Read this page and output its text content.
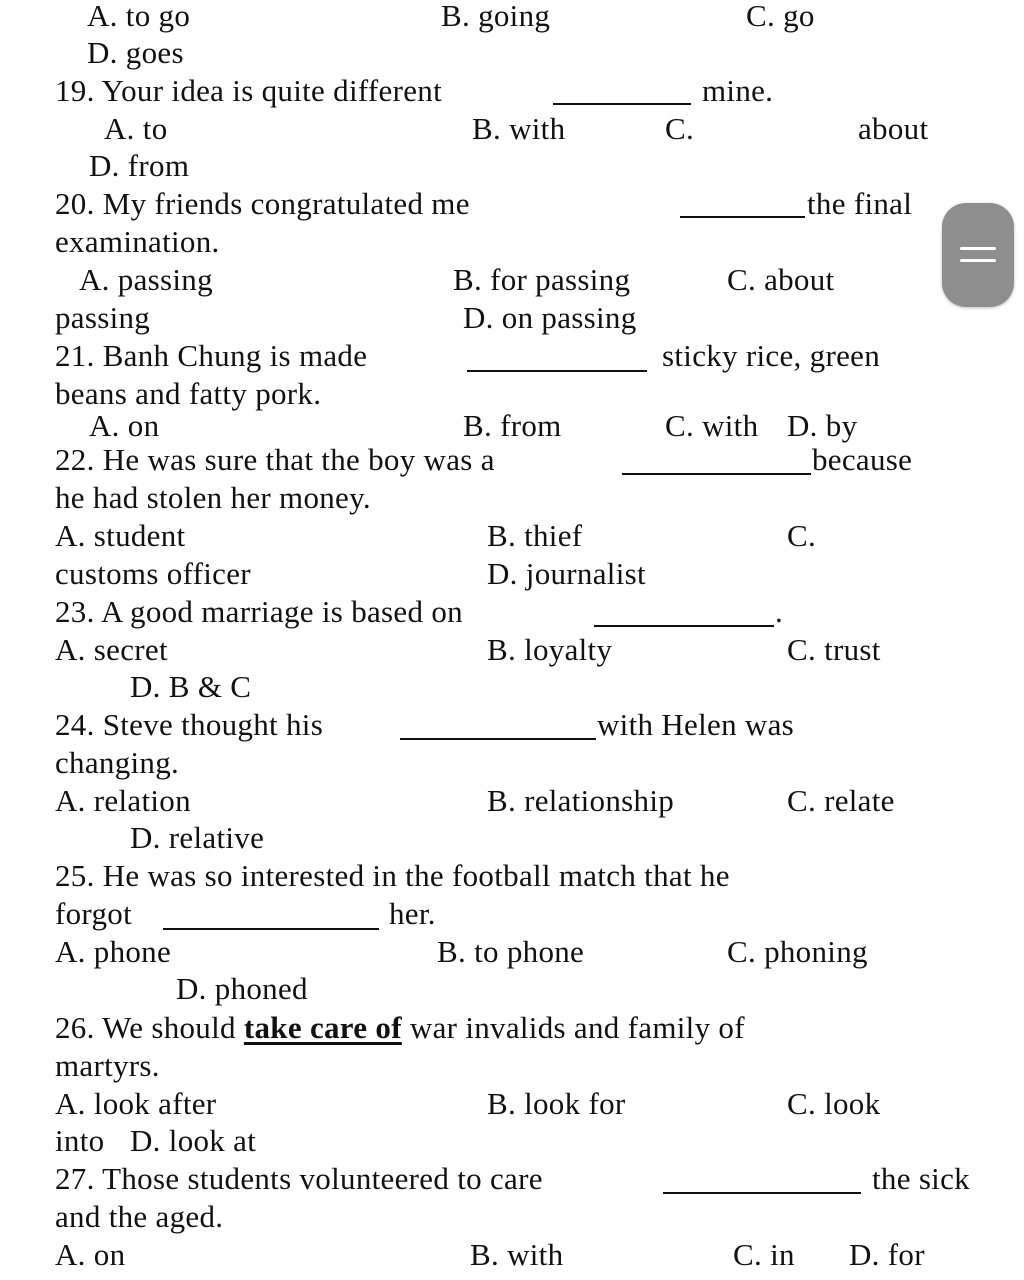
A. to go	B. going	C. go
D. goes
19. Your idea is quite different	mine.
A. to	B. with	C.	about
D. from
20. My friends congratulated me	the final
examination.
A. passing	B. for passing	C. about
passing	D. on passing
21. Banh Chung is made	sticky rice, green
beans and fatty pork.
A. on	B. from	C. with D. by
22. He was sure that the boy was a	because
he had stolen her money.
A. student	B. thief	C.
customs officer	D. journalist
23. A good marriage is based on	.
A. secret	B. loyalty	C. trust
D. B & C
24. Steve thought his	with Helen was
changing.
A. relation	B. relationship	C. relate
D. relative
25. He was so interested in the football match that he
forgot	her.
A. phone	B. to phone	C. phoning
D. phoned
26. We should take care of war invalids and family of
martyrs.
A. look after	B. look for	C. look
into D. look at
27. Those students volunteered to care	the sick
and the aged.
A. on	B. with	C. in D. for
